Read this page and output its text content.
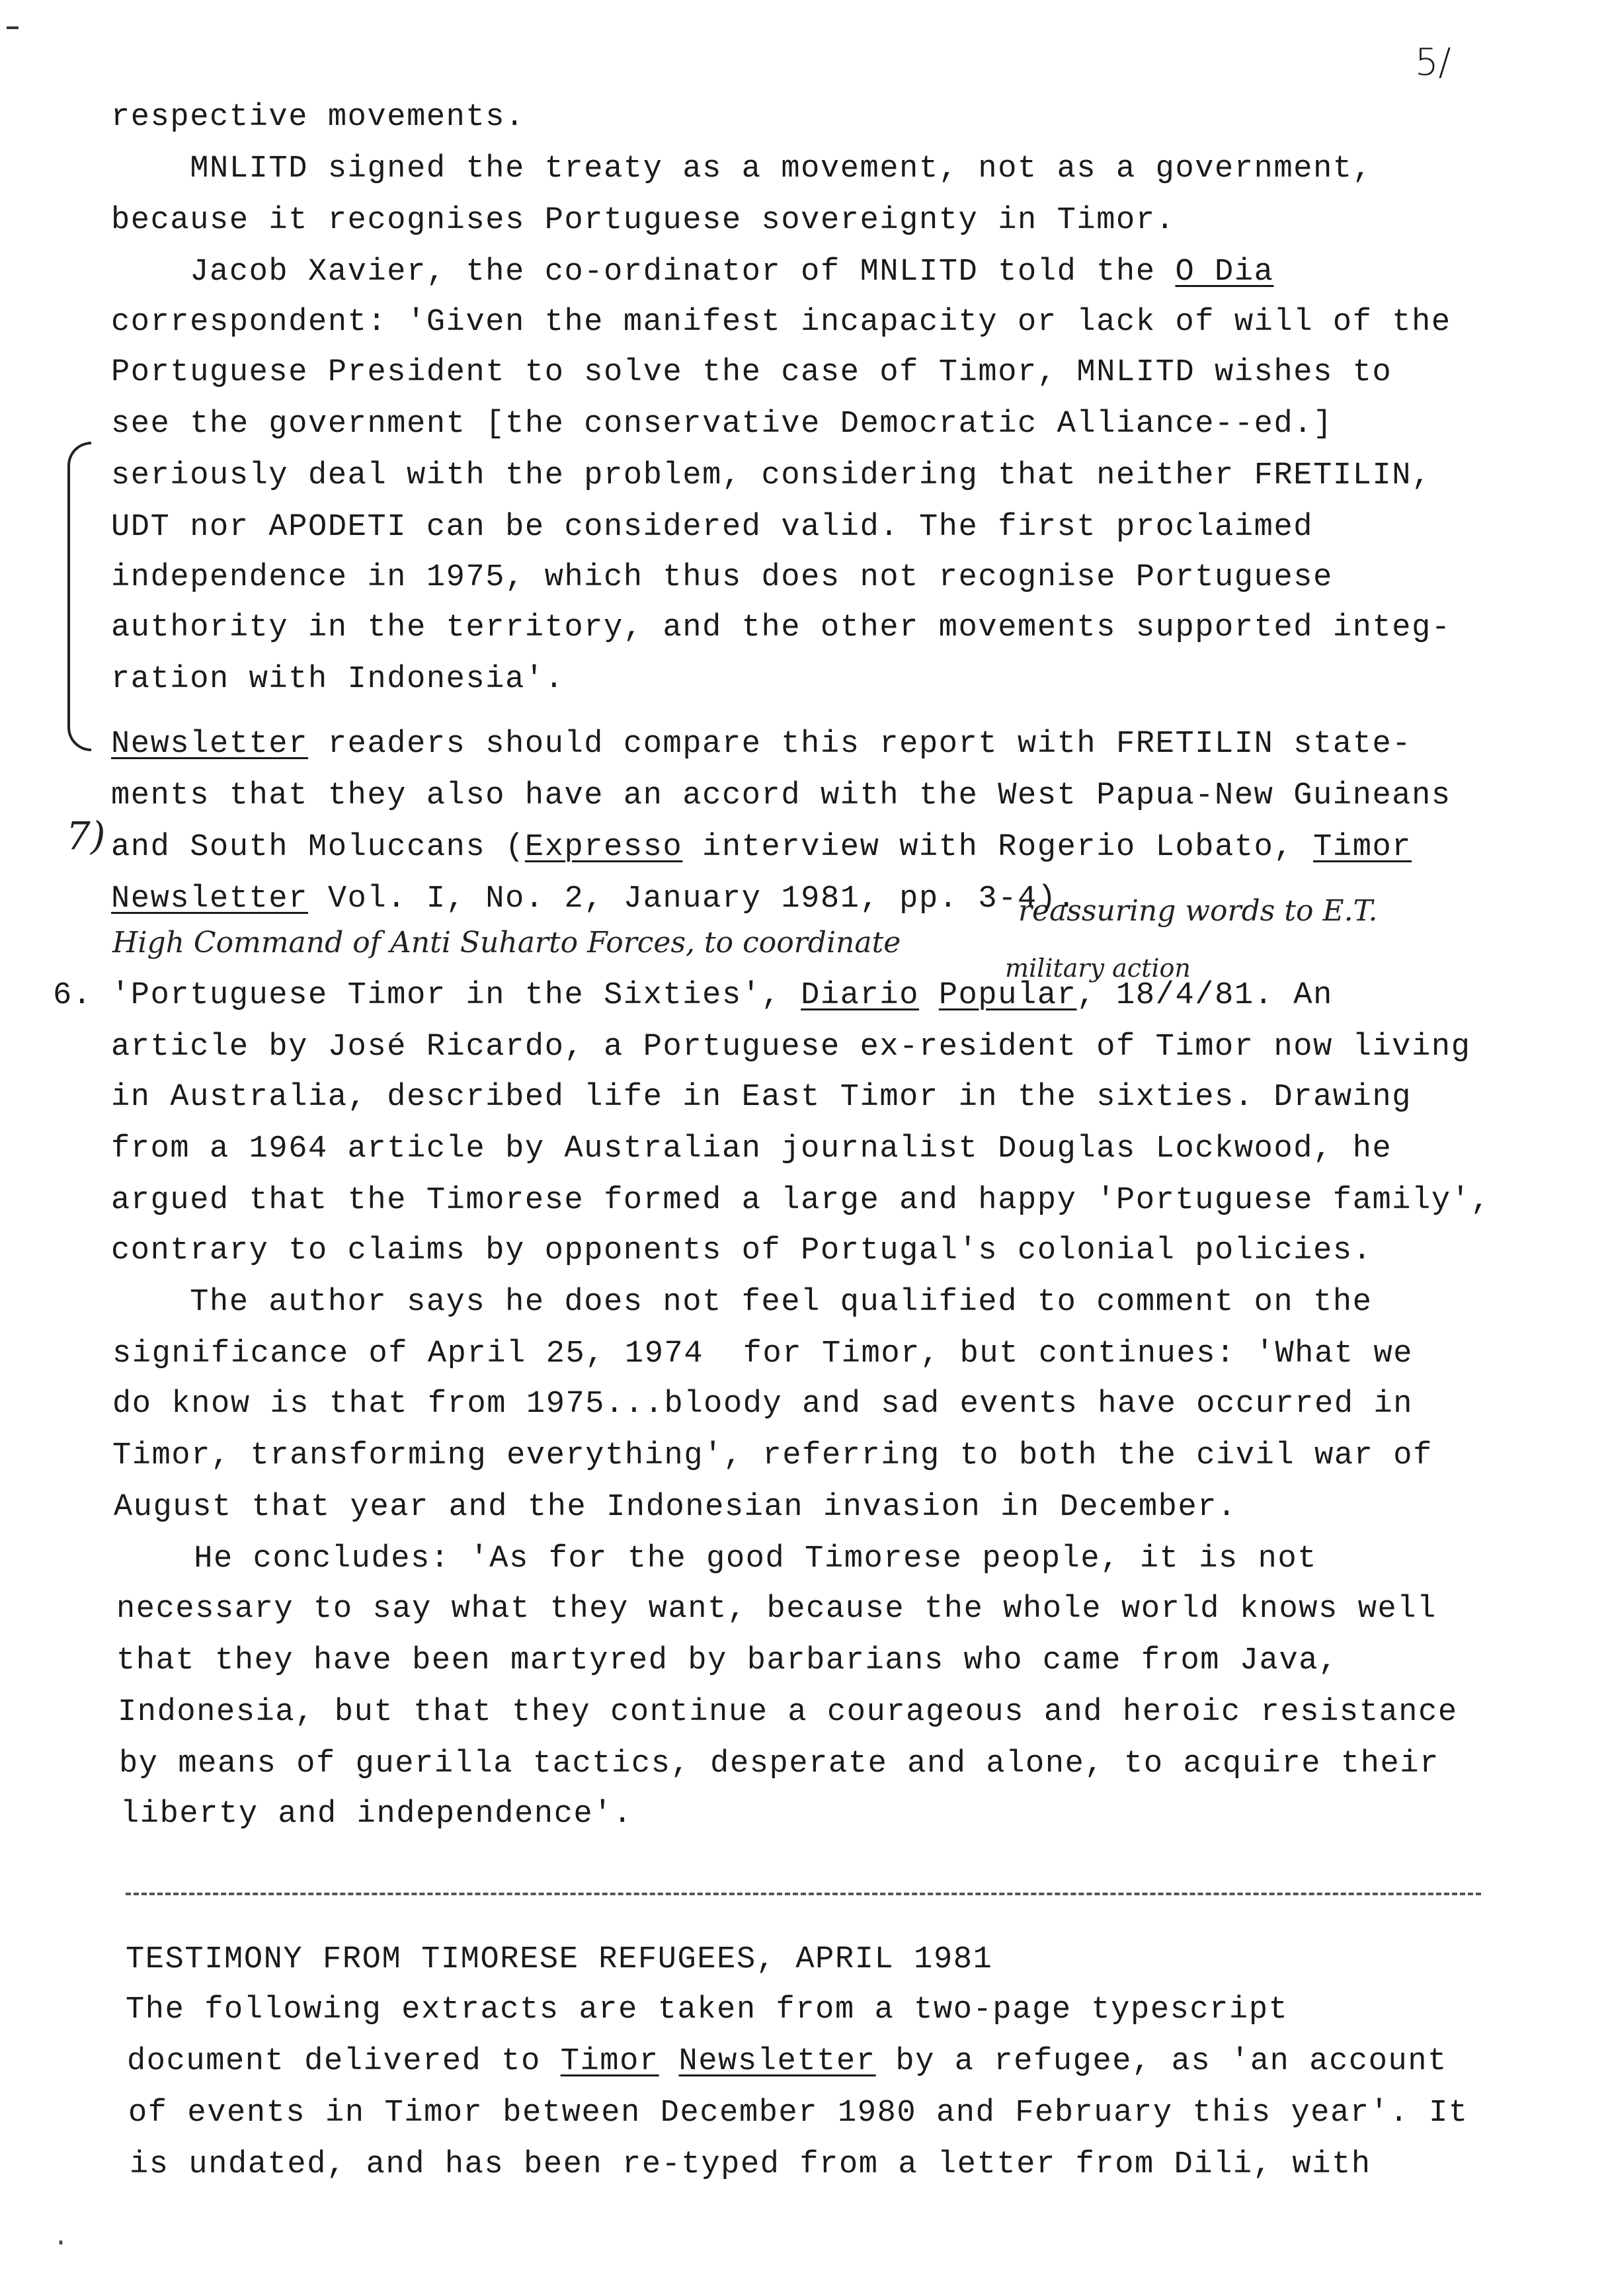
5/
7)
High Command of Anti Suharto Forces, to coordinate
reassuring words to E.T.
military action
6.
respective movements.
MNLITD signed the treaty as a movement, not as a government,
because it recognises Portuguese sovereignty in Timor.
Jacob Xavier, the co-ordinator of MNLITD told the O Dia
correspondent: 'Given the manifest incapacity or lack of will of the
Portuguese President to solve the case of Timor, MNLITD wishes to
see the government [the conservative Democratic Alliance--ed.]
seriously deal with the problem, considering that neither FRETILIN,
UDT nor APODETI can be considered valid. The first proclaimed
independence in 1975, which thus does not recognise Portuguese
authority in the territory, and the other movements supported integ-
ration with Indonesia'.
Newsletter readers should compare this report with FRETILIN state-
ments that they also have an accord with the West Papua-New Guineans
and South Moluccans (Expresso interview with Rogerio Lobato, Timor
Newsletter Vol. I, No. 2, January 1981, pp. 3-4).
'Portuguese Timor in the Sixties', Diario Popular, 18/4/81. An
article by José Ricardo, a Portuguese ex-resident of Timor now living
in Australia, described life in East Timor in the sixties. Drawing
from a 1964 article by Australian journalist Douglas Lockwood, he
argued that the Timorese formed a large and happy 'Portuguese family',
contrary to claims by opponents of Portugal's colonial policies.
The author says he does not feel qualified to comment on the
significance of April 25, 1974  for Timor, but continues: 'What we
do know is that from 1975...bloody and sad events have occurred in
Timor, transforming everything', referring to both the civil war of
August that year and the Indonesian invasion in December.
He concludes: 'As for the good Timorese people, it is not
necessary to say what they want, because the whole world knows well
that they have been martyred by barbarians who came from Java,
Indonesia, but that they continue a courageous and heroic resistance
by means of guerilla tactics, desperate and alone, to acquire their
liberty and independence'.
TESTIMONY FROM TIMORESE REFUGEES, APRIL 1981
The following extracts are taken from a two-page typescript
document delivered to Timor Newsletter by a refugee, as 'an account
of events in Timor between December 1980 and February this year'. It
is undated, and has been re-typed from a letter from Dili, with
·
